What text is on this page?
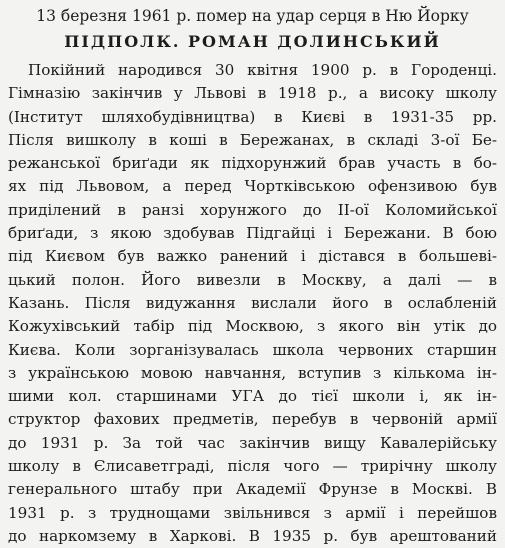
13 березня 1961 р. помер на удар серця в Ню Йорку

ПІДПОЛК. РОМАН ДОЛИНСЬКИЙ
Покійний народився 30 квітня 1900 р. в Городенці.
Гімназію закінчив у Львові в 1918 р., а високу школу
(Інститут шляхобудівництва) в Києві в 1931-35 рр.
Після вишколу в коші в Бережанах, в складі 3-ої Бе-
режанської бриґади як підхорунжий брав участь в бо-
ях під Львовом, а перед Чортківською офензивою був
приділений в ранзі хорунжого до ІІ-ої Коломийської
бриґади, з якою здобував Підгайці і Бережани. В бою
під Києвом був важко ранений і дістався в большеві-
цький полон. Його вивезли в Москву, а далі — в
Казань. Після видужання вислали його в ослабленій
Кожухівський табір під Москвою, з якого він утік до
Києва. Коли зорганізувалась школа червоних старшин
з українською мовою навчання, вступив з кількома ін-
шими кол. старшинами УГА до тієї школи і, як ін-
структор фахових предметів, перебув в червоній армії
до 1931 р. За той час закінчив вищу Кавалерійську
школу в Єлисаветграді, після чого — трирічну школу
генерального штабу при Академії Фрунзе в Москві. В
1931 р. з труднощами звільнився з армії і перейшов
до наркомзему в Харкові. В 1935 р. був арештований
